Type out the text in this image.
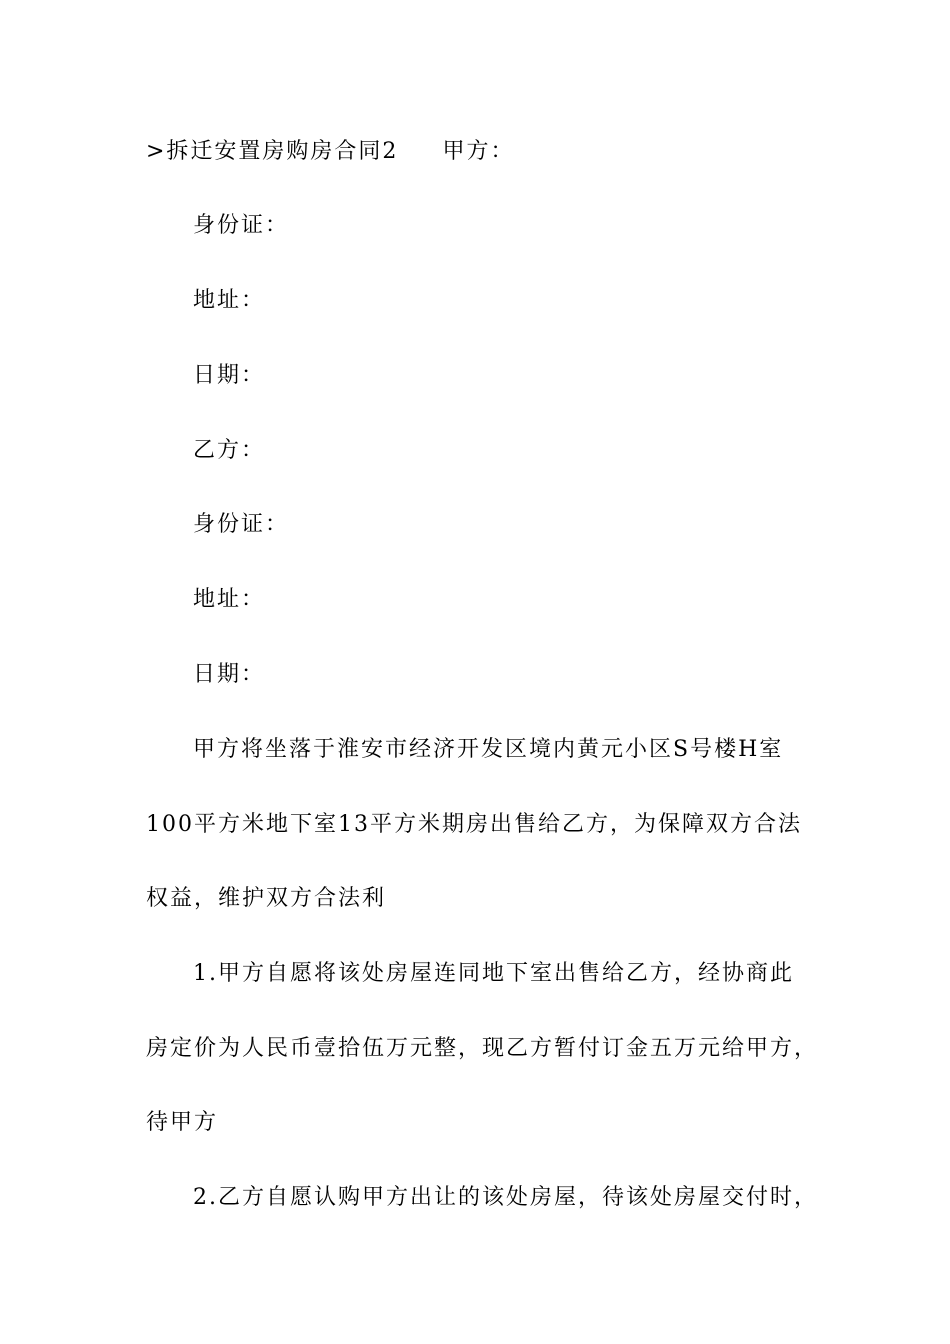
>拆迁安置房购房合同2 甲方：
身份证：
地址：
日期：
乙方：
身份证：
地址：
日期：
甲方将坐落于淮安市经济开发区境内黄元小区S号楼H室
100平方米地下室13平方米期房出售给乙方，为保障双方合法
权益，维护双方合法利
1.甲方自愿将该处房屋连同地下室出售给乙方，经协商此
房定价为人民币壹拾伍万元整，现乙方暂付订金五万元给甲方，
待甲方
2.乙方自愿认购甲方出让的该处房屋，待该处房屋交付时，
